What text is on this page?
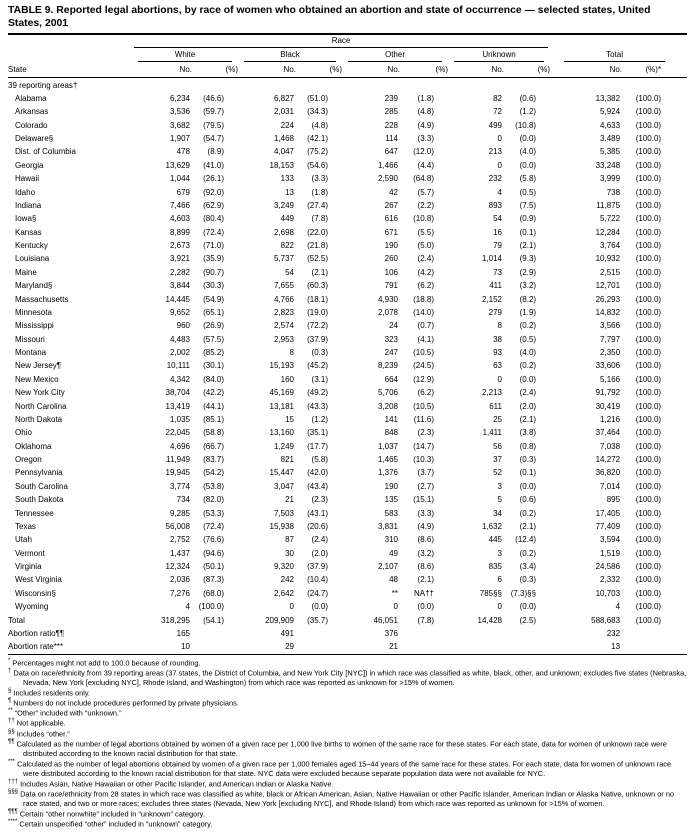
TABLE 9. Reported legal abortions, by race of women who obtained an abortion and state of occurrence — selected states, United States, 2001

	Race									

	White		Black		Other		Unknown		Total	

State	No.	(%)	No.	(%)	No.	(%)	No.	(%)	No.	(%)*
39 reporting areas†										
Alabama	6,234	(46.6)	6,827	(51.0)	239	(1.8)	82	(0.6)	13,382	(100.0)
Arkansas	3,536	(59.7)	2,031	(34.3)	285	(4.8)	72	(1.2)	5,924	(100.0)
Colorado	3,682	(79.5)	224	(4.8)	228	(4.9)	499	(10.8)	4,633	(100.0)
Delaware§	1,907	(54.7)	1,468	(42.1)	114	(3.3)	0	(0.0)	3,489	(100.0)
Dist. of Columbia	478	(8.9)	4,047	(75.2)	647	(12.0)	213	(4.0)	5,385	(100.0)
Georgia	13,629	(41.0)	18,153	(54.6)	1,466	(4.4)	0	(0.0)	33,248	(100.0)
Hawaii	1,044	(26.1)	133	(3.3)	2,590	(64.8)	232	(5.8)	3,999	(100.0)
Idaho	679	(92.0)	13	(1.8)	42	(5.7)	4	(0.5)	738	(100.0)
Indiana	7,466	(62.9)	3,249	(27.4)	267	(2.2)	893	(7.5)	11,875	(100.0)
Iowa§	4,603	(80.4)	449	(7.8)	616	(10.8)	54	(0.9)	5,722	(100.0)
Kansas	8,899	(72.4)	2,698	(22.0)	671	(5.5)	16	(0.1)	12,284	(100.0)
Kentucky	2,673	(71.0)	822	(21.8)	190	(5.0)	79	(2.1)	3,764	(100.0)
Louisiana	3,921	(35.9)	5,737	(52.5)	260	(2.4)	1,014	(9.3)	10,932	(100.0)
Maine	2,282	(90.7)	54	(2.1)	106	(4.2)	73	(2.9)	2,515	(100.0)
Maryland§	3,844	(30.3)	7,655	(60.3)	791	(6.2)	411	(3.2)	12,701	(100.0)
Massachusetts	14,445	(54.9)	4,766	(18.1)	4,930	(18.8)	2,152	(8.2)	26,293	(100.0)
Minnesota	9,652	(65.1)	2,823	(19.0)	2,078	(14.0)	279	(1.9)	14,832	(100.0)
Mississippi	960	(26.9)	2,574	(72.2)	24	(0.7)	8	(0.2)	3,566	(100.0)
Missouri	4,483	(57.5)	2,953	(37.9)	323	(4.1)	38	(0.5)	7,797	(100.0)
Montana	2,002	(85.2)	8	(0.3)	247	(10.5)	93	(4.0)	2,350	(100.0)
New Jersey¶	10,111	(30.1)	15,193	(45.2)	8,239	(24.5)	63	(0.2)	33,606	(100.0)
New Mexico	4,342	(84.0)	160	(3.1)	664	(12.9)	0	(0.0)	5,166	(100.0)
New York City	38,704	(42.2)	45,169	(49.2)	5,706	(6.2)	2,213	(2.4)	91,792	(100.0)
North Carolina	13,419	(44.1)	13,181	(43.3)	3,208	(10.5)	611	(2.0)	30,419	(100.0)
North Dakota	1,035	(85.1)	15	(1.2)	141	(11.6)	25	(2.1)	1,216	(100.0)
Ohio	22,045	(58.8)	13,160	(35.1)	848	(2.3)	1,411	(3.8)	37,464	(100.0)
Oklahoma	4,696	(66.7)	1,249	(17.7)	1,037	(14.7)	56	(0.8)	7,038	(100.0)
Oregon	11,949	(83.7)	821	(5.8)	1,465	(10.3)	37	(0.3)	14,272	(100.0)
Pennsylvania	19,945	(54.2)	15,447	(42.0)	1,376	(3.7)	52	(0.1)	36,820	(100.0)
South Carolina	3,774	(53.8)	3,047	(43.4)	190	(2.7)	3	(0.0)	7,014	(100.0)
South Dakota	734	(82.0)	21	(2.3)	135	(15.1)	5	(0.6)	895	(100.0)
Tennessee	9,285	(53.3)	7,503	(43.1)	583	(3.3)	34	(0.2)	17,405	(100.0)
Texas	56,008	(72.4)	15,938	(20.6)	3,831	(4.9)	1,632	(2.1)	77,409	(100.0)
Utah	2,752	(76.6)	87	(2.4)	310	(8.6)	445	(12.4)	3,594	(100.0)
Vermont	1,437	(94.6)	30	(2.0)	49	(3.2)	3	(0.2)	1,519	(100.0)
Virginia	12,324	(50.1)	9,320	(37.9)	2,107	(8.6)	835	(3.4)	24,586	(100.0)
West Virginia	2,036	(87.3)	242	(10.4)	48	(2.1)	6	(0.3)	2,332	(100.0)
Wisconsin§	7,276	(68.0)	2,642	(24.7)	**	NA††	785§§	(7.3)§§	10,703	(100.0)
Wyoming	4	(100.0)	0	(0.0)	0	(0.0)	0	(0.0)	4	(100.0)
Total	318,295	(54.1)	209,909	(35.7)	46,051	(7.8)	14,428	(2.5)	588,683	(100.0)
Abortion ratio¶¶	165		491		376				232	
Abortion rate***	10		29		21				13	
* Percentages might not add to 100.0 because of rounding.
† Data on race/ethnicity from 39 reporting areas (37 states, the District of Columbia, and New York City [NYC]) in which race was classified as white, black, other, and unknown; excludes five states (Nebraska, Nevada, New York [excluding NYC], Rhode Island, and Washington) from which race was reported as unknown for >15% of women.
§ Includes residents only.
¶ Numbers do not include procedures performed by private physicians.
** “Other” included with “unknown.”
†† Not applicable.
§§ Includes “other.”
¶¶ Calculated as the number of legal abortions obtained by women of a given race per 1,000 live births to women of the same race for these states. For each state, data for women of unknown race were distributed according to the known racial distribution for that state.
*** Calculated as the number of legal abortions obtained by women of a given race per 1,000 females aged 15–44 years of the same race for these states. For each state, data for women of unknown race were distributed according to the known racial distribution for that state. NYC data were excluded because separate population data were not available for NYC.
††† Includes Asian, Native Hawaiian or other Pacific Islander, and American Indian or Alaska Native.
§§§ Data on race/ethnicity from 28 states in which race was classified as white, black or African American, Asian, Native Hawaiian or other Pacific Islander, American Indian or Alaska Native, unknown or no race stated, and two or more races; excludes three states (Nevada, New York [excluding NYC], and Rhode Island) from which race was reported as unknown for >15% of women.
¶¶¶ Certain “other nonwhite” included in “unknown” category.
**** Certain unspecified “other” included in “unknown” category.
